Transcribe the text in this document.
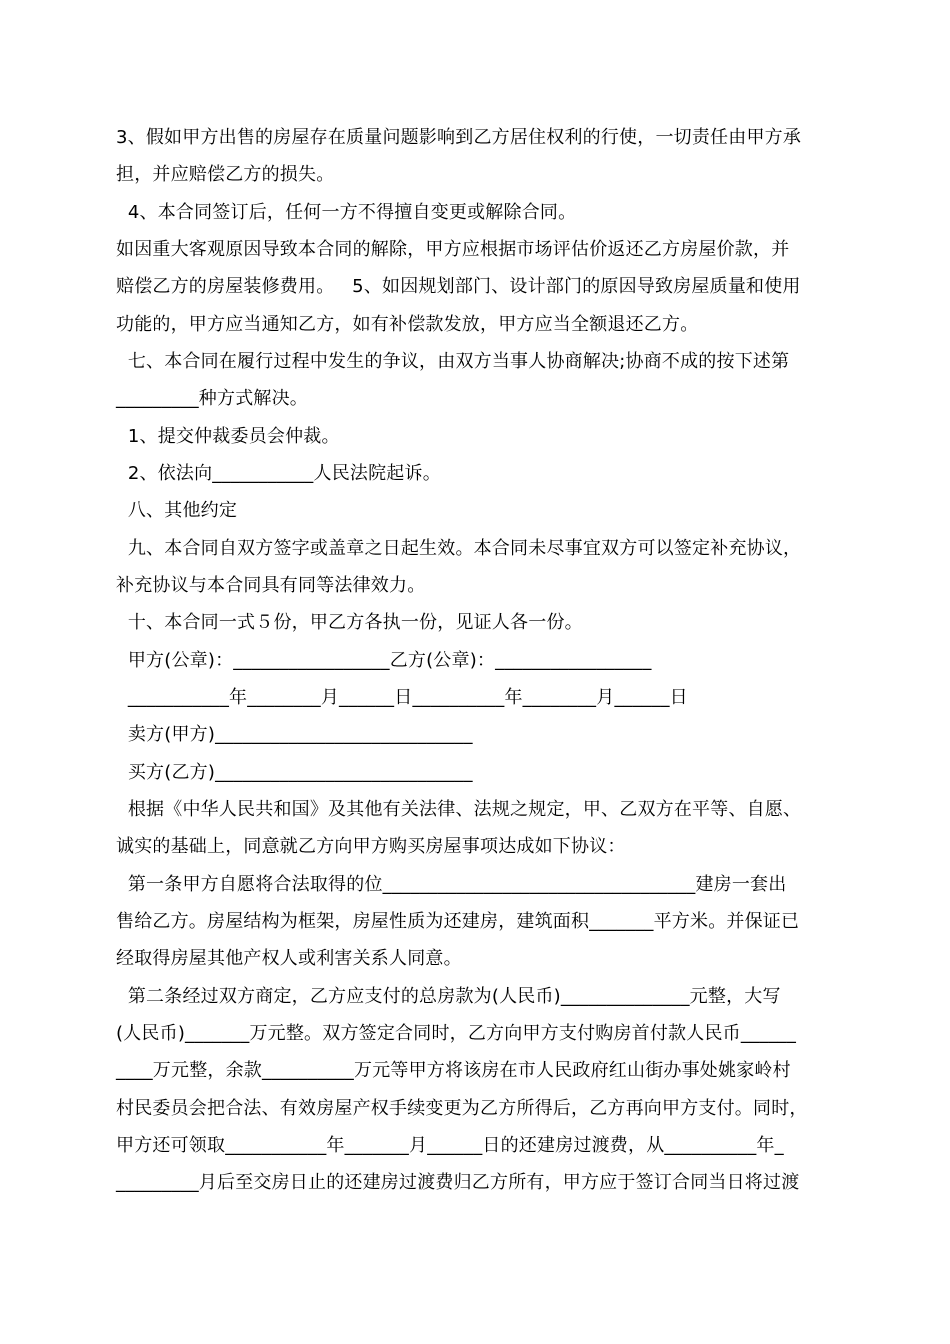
3、假如甲方出售的房屋存在质量问题影响到乙方居住权利的行使，一切责任由甲方承
担，并应赔偿乙方的损失。
4、本合同签订后，任何一方不得擅自变更或解除合同。
如因重大客观原因导致本合同的解除，甲方应根据市场评估价返还乙方房屋价款，并
赔偿乙方的房屋装修费用。   5、如因规划部门、设计部门的原因导致房屋质量和使用
功能的，甲方应当通知乙方，如有补偿款发放，甲方应当全额退还乙方。
七、本合同在履行过程中发生的争议，由双方当事人协商解决;协商不成的按下述第
_________种方式解决。
1、提交仲裁委员会仲裁。
2、依法向___________人民法院起诉。
八、其他约定
九、本合同自双方签字或盖章之日起生效。本合同未尽事宜双方可以签定补充协议，
补充协议与本合同具有同等法律效力。
十、本合同一式５份，甲乙方各执一份，见证人各一份。
甲方(公章)：_________________乙方(公章)：_________________
___________年________月______日__________年________月______日
卖方(甲方)____________________________
买方(乙方)____________________________
根据《中华人民共和国》及其他有关法律、法规之规定，甲、乙双方在平等、自愿、
诚实的基础上，同意就乙方向甲方购买房屋事项达成如下协议：
第一条甲方自愿将合法取得的位__________________________________建房一套出
售给乙方。房屋结构为框架，房屋性质为还建房，建筑面积_______平方米。并保证已
经取得房屋其他产权人或利害关系人同意。
第二条经过双方商定，乙方应支付的总房款为(人民币)______________元整，大写
(人民币)_______万元整。双方签定合同时，乙方向甲方支付购房首付款人民币______
____万元整，余款__________万元等甲方将该房在市人民政府红山街办事处姚家岭村
村民委员会把合法、有效房屋产权手续变更为乙方所得后，乙方再向甲方支付。同时，
甲方还可领取___________年_______月______日的还建房过渡费，从__________年_
_________月后至交房日止的还建房过渡费归乙方所有，甲方应于签订合同当日将过渡
